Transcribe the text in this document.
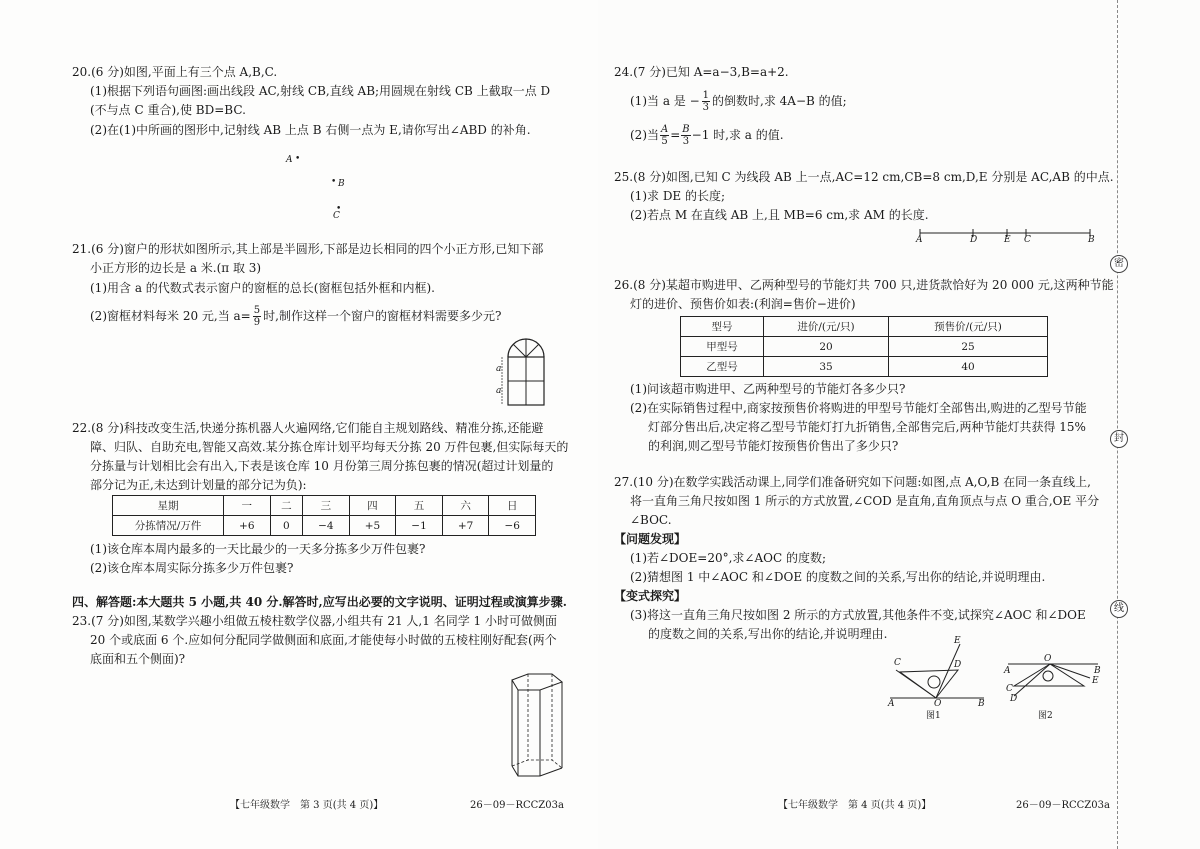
20.(6 分)如图,平面上有三个点 A,B,C.
(1)根据下列语句画图:画出线段 AC,射线 CB,直线 AB;用圆规在射线 CB 上截取一点 D
(不与点 C 重合),使 BD=BC.
(2)在(1)中所画的图形中,记射线 AB 上点 B 右侧一点为 E,请你写出∠ABD 的补角.
A •
• B
•
C
21.(6 分)窗户的形状如图所示,其上部是半圆形,下部是边长相同的四个小正方形,已知下部
小正方形的边长是 a 米.(π 取 3)
(1)用含 a 的代数式表示窗户的窗框的总长(窗框包括外框和内框).
(2)窗框材料每米 20 元,当 $a= \frac{5}{9}$ 时,制作这样一个窗户的窗框材料需要多少元?
a
a
22.(8 分)科技改变生活,快递分拣机器人火遍网络,它们能自主规划路线、精准分拣,还能避
障、归队、自助充电,智能又高效.某分拣仓库计划平均每天分拣 20 万件包裹,但实际每天的
分拣量与计划相比会有出入,下表是该仓库 10 月份第三周分拣包裹的情况(超过计划量的
部分记为正,未达到计划量的部分记为负):
星期	一	二	三	四	五	六	日
分拣情况/万件	+6	0	−4	+5	−1	+7	−6
(1)该仓库本周内最多的一天比最少的一天多分拣多少万件包裹?
(2)该仓库本周实际分拣多少万件包裹?
四、解答题:本大题共 5 小题,共 40 分.解答时,应写出必要的文字说明、证明过程或演算步骤.
23.(7 分)如图,某数学兴趣小组做五棱柱数学仪器,小组共有 21 人,1 名同学 1 小时可做侧面
20 个或底面 6 个.应如何分配同学做侧面和底面,才能使每小时做的五棱柱刚好配套(两个
底面和五个侧面)?
【七年级数学　第 3 页(共 4 页)】	26－09－RCCZ03a
24.(7 分)已知 A=a−3,B=a+2.
(1)当 a 是 − $\frac{1}{3}$ 的倒数时,求 4A−B 的值;
(2)当 $\frac{A}{5} = \frac{B}{3} -1$ 时,求 a 的值.
25.(8 分)如图,已知 C 为线段 AB 上一点,AC=12 cm,CB=8 cm,D,E 分别是 AC,AB 的中点.
(1)求 DE 的长度;
(2)若点 M 在直线 AB 上,且 MB=6 cm,求 AM 的长度.
A	D	E C	B
26.(8 分)某超市购进甲、乙两种型号的节能灯共 700 只,进货款恰好为 20 000 元,这两种节能
灯的进价、预售价如表:(利润=售价−进价)
型号	进价/(元/只)	预售价/(元/只)
甲型号	20	25
乙型号	35	40
(1)问该超市购进甲、乙两种型号的节能灯各多少只?
(2)在实际销售过程中,商家按预售价将购进的甲型号节能灯全部售出,购进的乙型号节能
灯部分售出后,决定将乙型号节能灯打九折销售,全部售完后,两种节能灯共获得 15%
的利润,则乙型号节能灯按预售价售出了多少只?
27.(10 分)在数学实践活动课上,同学们准备研究如下问题:如图,点 A,O,B 在同一条直线上,
将一直角三角尺按如图 1 所示的方式放置,∠COD 是直角,直角顶点与点 O 重合,OE 平分
∠BOC.
【问题发现】
(1)若∠DOE=20°,求∠AOC 的度数;
(2)猜想图 1 中∠AOC 和∠DOE 的度数之间的关系,写出你的结论,并说明理由.
【变式探究】
(3)将这一直角三角尺按如图 2 所示的方式放置,其他条件不变,试探究∠AOC 和∠DOE
的度数之间的关系,写出你的结论,并说明理由.
C
E
D
A	O	B
图1
A
O
B
C
E
D
图2
【七年级数学　第 4 页(共 4 页)】	26－09－RCCZ03a
密
封
线
